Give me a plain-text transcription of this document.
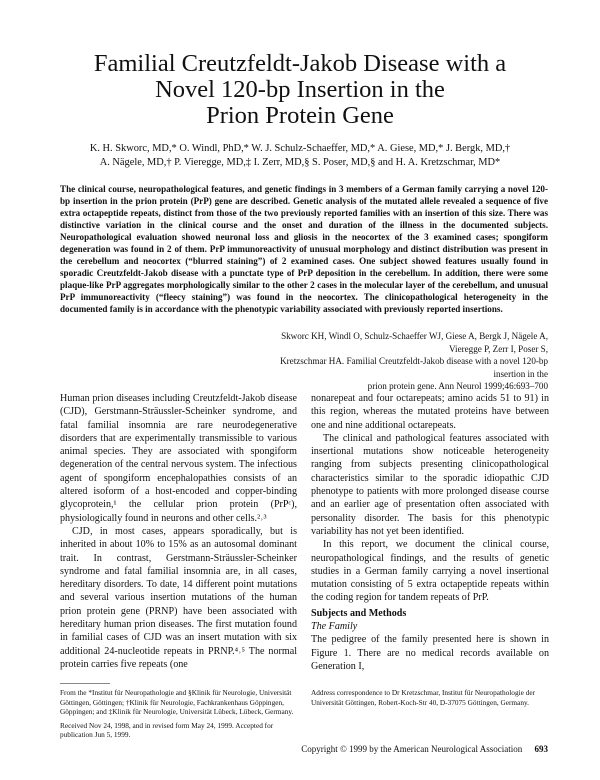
Familial Creutzfeldt-Jakob Disease with a
Novel 120-bp Insertion in the
Prion Protein Gene
K. H. Skworc, MD,* O. Windl, PhD,* W. J. Schulz-Schaeffer, MD,* A. Giese, MD,* J. Bergk, MD,†
A. Nägele, MD,† P. Vieregge, MD,‡ I. Zerr, MD,§ S. Poser, MD,§ and H. A. Kretzschmar, MD*
The clinical course, neuropathological features, and genetic findings in 3 members of a German family carrying a novel 120-bp insertion in the prion protein (PrP) gene are described. Genetic analysis of the mutated allele revealed a sequence of five extra octapeptide repeats, distinct from those of the two previously reported families with an insertion of this size. There was distinctive variation in the clinical course and the onset and duration of the illness in the documented subjects. Neuropathological evaluation showed neuronal loss and gliosis in the neocortex of the 3 examined cases; spongiform degeneration was found in 2 of them. PrP immunoreactivity of unusual morphology and distinct distribution was present in the cerebellum and neocortex (“blurred staining”) of 2 examined cases. One subject showed features usually found in sporadic Creutzfeldt-Jakob disease with a punctate type of PrP deposition in the cerebellum. In addition, there were some plaque-like PrP aggregates morphologically similar to the other 2 cases in the molecular layer of the cerebellum, and unusual PrP immunoreactivity (“fleecy staining”) was found in the neocortex. The clinicopathological heterogeneity in the documented family is in accordance with the phenotypic variability associated with previously reported insertions.
Skworc KH, Windl O, Schulz-Schaeffer WJ, Giese A, Bergk J, Nägele A, Vieregge P, Zerr I, Poser S,
Kretzschmar HA. Familial Creutzfeldt-Jakob disease with a novel 120-bp insertion in the
prion protein gene. Ann Neurol 1999;46:693–700

Human prion diseases including Creutzfeldt-Jakob disease (CJD), Gerstmann-Sträussler-Scheinker syndrome, and fatal familial insomnia are rare neurodegenerative disorders that are experimentally transmissible to various animal species. They are associated with spongiform degeneration of the central nervous system. The infectious agent of spongiform encephalopathies consists of an altered isoform of a host-encoded and copper-binding glycoprotein,¹ the cellular prion protein (PrPᶜ), physiologically found in neurons and other cells.²˒³

CJD, in most cases, appears sporadically, but is inherited in about 10% to 15% as an autosomal dominant trait. In contrast, Gerstmann-Sträussler-Scheinker syndrome and fatal familial insomnia are, in all cases, hereditary disorders. To date, 14 different point mutations and several various insertion mutations of the human prion protein gene (PRNP) have been associated with hereditary human prion diseases. The first mutation found in familial cases of CJD was an insert mutation with six additional 24-nucleotide repeats in PRNP.⁴˒⁵ The normal protein carries five repeats (one

nonarepeat and four octarepeats; amino acids 51 to 91) in this region, whereas the mutated proteins have between one and nine additional octarepeats.

The clinical and pathological features associated with insertional mutations show noticeable heterogeneity ranging from subjects presenting clinicopathological characteristics similar to the sporadic idiopathic CJD phenotype to patients with more prolonged disease course and an earlier age of presentation often associated with personality disorder. The basis for this phenotypic variability has not yet been identified.

In this report, we document the clinical course, neuropathological findings, and the results of genetic studies in a German family carrying a novel insertional mutation consisting of 5 extra octapeptide repeats within the coding region for tandem repeats of PrP.

Subjects and Methods
The Family

The pedigree of the family presented here is shown in Figure 1. There are no medical records available on Generation I,

From the *Institut für Neuropathologie and §Klinik für Neurologie, Universität Göttingen, Göttingen; †Klinik für Neurologie, Fachkrankenhaus Göppingen, Göppingen; and ‡Klinik für Neurologie, Universität Lübeck, Lübeck, Germany.

Received Nov 24, 1998, and in revised form May 24, 1999. Accepted for publication Jun 5, 1999.

Address correspondence to Dr Kretzschmar, Institut für Neuropathologie der Universität Göttingen, Robert-Koch-Str 40, D-37075 Göttingen, Germany.

Copyright © 1999 by the American Neurological Association 693
